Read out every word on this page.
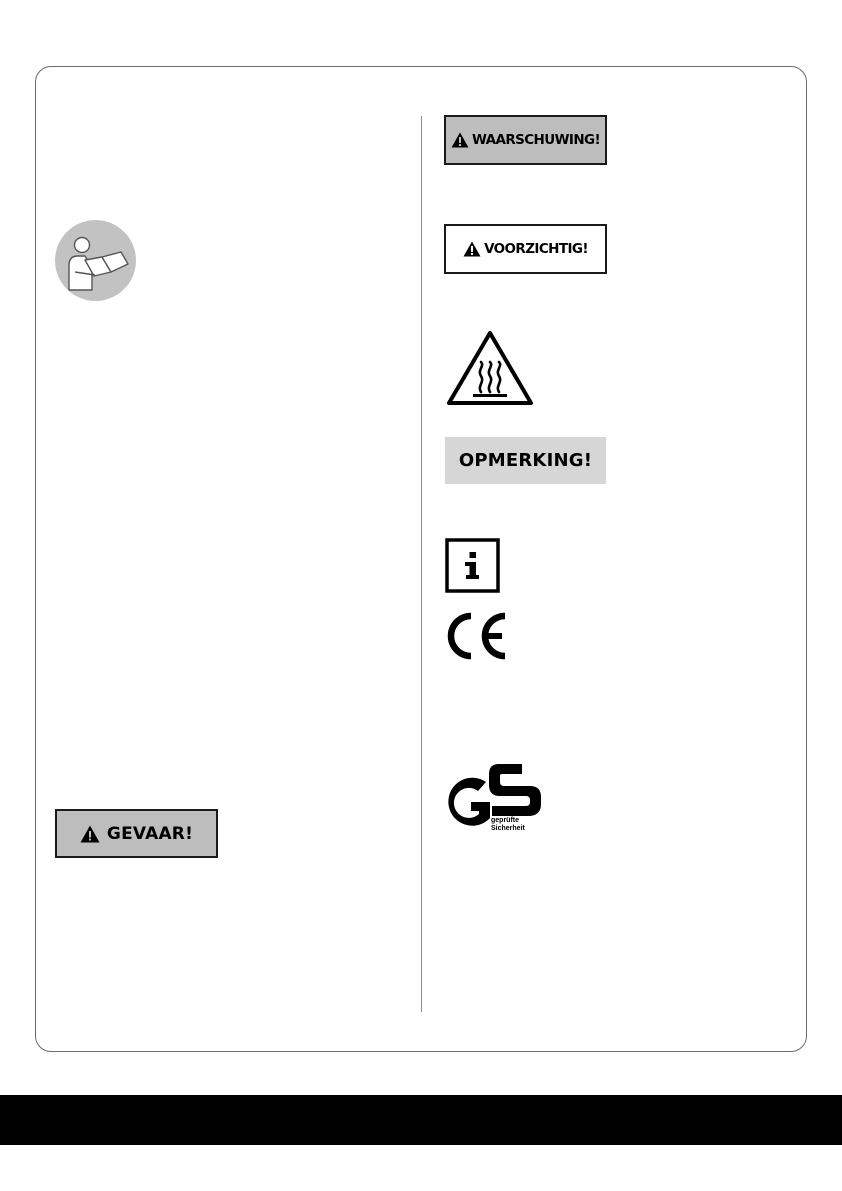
WAARSCHUWING!
VOORZICHTIG!
OPMERKING!
geprüfte
Sicherheit
GEVAAR!
